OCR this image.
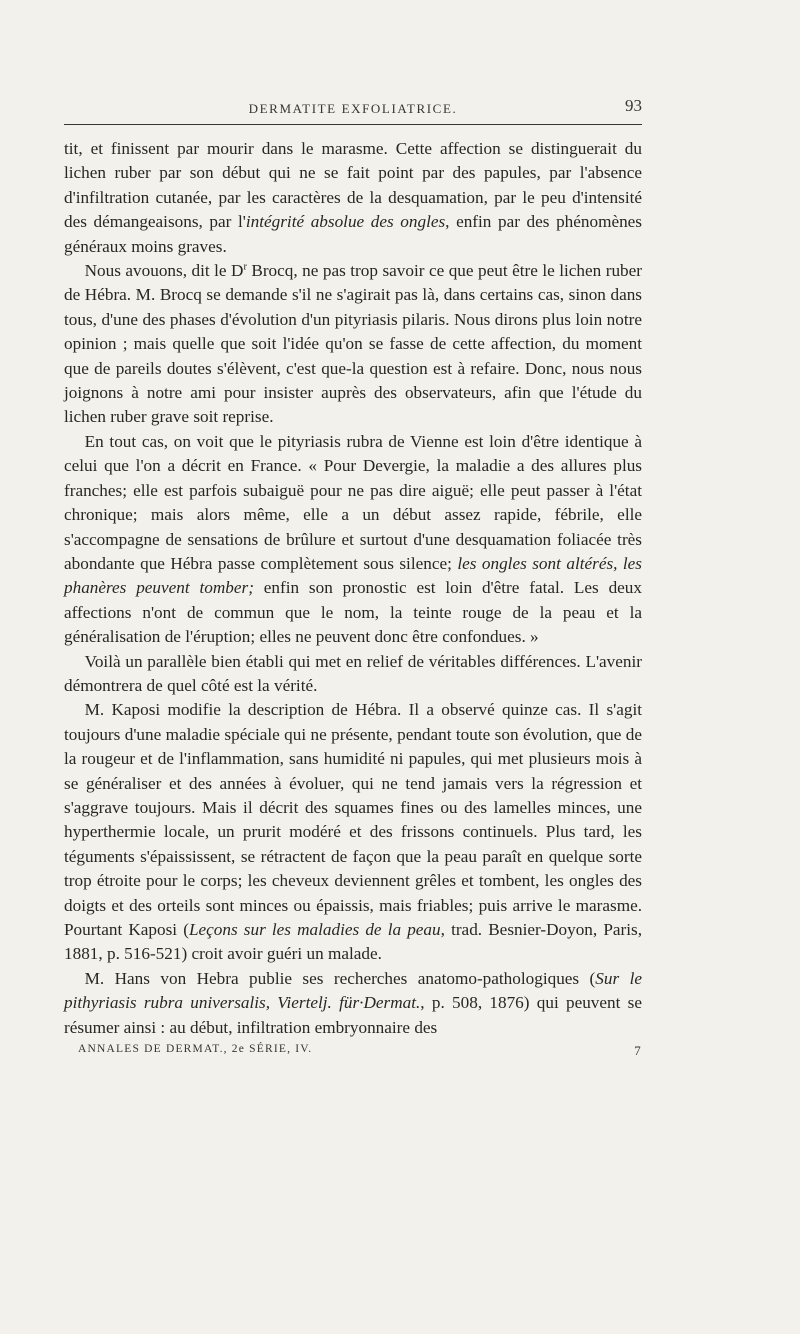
DERMATITE EXFOLIATRICE.	93

tit, et finissent par mourir dans le marasme. Cette affection se distinguerait du lichen ruber par son début qui ne se fait point par des papules, par l'absence d'infiltration cutanée, par les caractères de la desquamation, par le peu d'intensité des démangeaisons, par l'intégrité absolue des ongles, enfin par des phénomènes généraux moins graves.

Nous avouons, dit le $D^r$ Brocq, ne pas trop savoir ce que peut être le lichen ruber de Hébra. M. Brocq se demande s'il ne s'agirait pas là, dans certains cas, sinon dans tous, d'une des phases d'évolution d'un pityriasis pilaris. Nous dirons plus loin notre opinion ; mais quelle que soit l'idée qu'on se fasse de cette affection, du moment que de pareils doutes s'élèvent, c'est que-la question est à refaire. Donc, nous nous joignons à notre ami pour insister auprès des observateurs, afin que l'étude du lichen ruber grave soit reprise.

En tout cas, on voit que le pityriasis rubra de Vienne est loin d'être identique à celui que l'on a décrit en France. « Pour Devergie, la maladie a des allures plus franches; elle est parfois subaiguë pour ne pas dire aiguë; elle peut passer à l'état chronique; mais alors même, elle a un début assez rapide, fébrile, elle s'accompagne de sensations de brûlure et surtout d'une desquamation foliacée très abondante que Hébra passe complètement sous silence; les ongles sont altérés, les phanères peuvent tomber; enfin son pronostic est loin d'être fatal. Les deux affections n'ont de commun que le nom, la teinte rouge de la peau et la généralisation de l'éruption; elles ne peuvent donc être confondues. »

Voilà un parallèle bien établi qui met en relief de véritables différences. L'avenir démontrera de quel côté est la vérité.

M. Kaposi modifie la description de Hébra. Il a observé quinze cas. Il s'agit toujours d'une maladie spéciale qui ne présente, pendant toute son évolution, que de la rougeur et de l'inflammation, sans humidité ni papules, qui met plusieurs mois à se généraliser et des années à évoluer, qui ne tend jamais vers la régression et s'aggrave toujours. Mais il décrit des squames fines ou des lamelles minces, une hyperthermie locale, un prurit modéré et des frissons continuels. Plus tard, les téguments s'épaississent, se rétractent de façon que la peau paraît en quelque sorte trop étroite pour le corps; les cheveux deviennent grêles et tombent, les ongles des doigts et des orteils sont minces ou épaissis, mais friables; puis arrive le marasme. Pourtant Kaposi (Leçons sur les maladies de la peau, trad. Besnier-Doyon, Paris, 1881, p. 516-521) croit avoir guéri un malade.

M. Hans von Hebra publie ses recherches anatomo-pathologiques (Sur le pithyriasis rubra universalis, Viertelj. für·Dermat., p. 508, 1876) qui peuvent se résumer ainsi : au début, infiltration embryonnaire des

ANNALES DE DERMAT., 2e SÉRIE, IV.	7
